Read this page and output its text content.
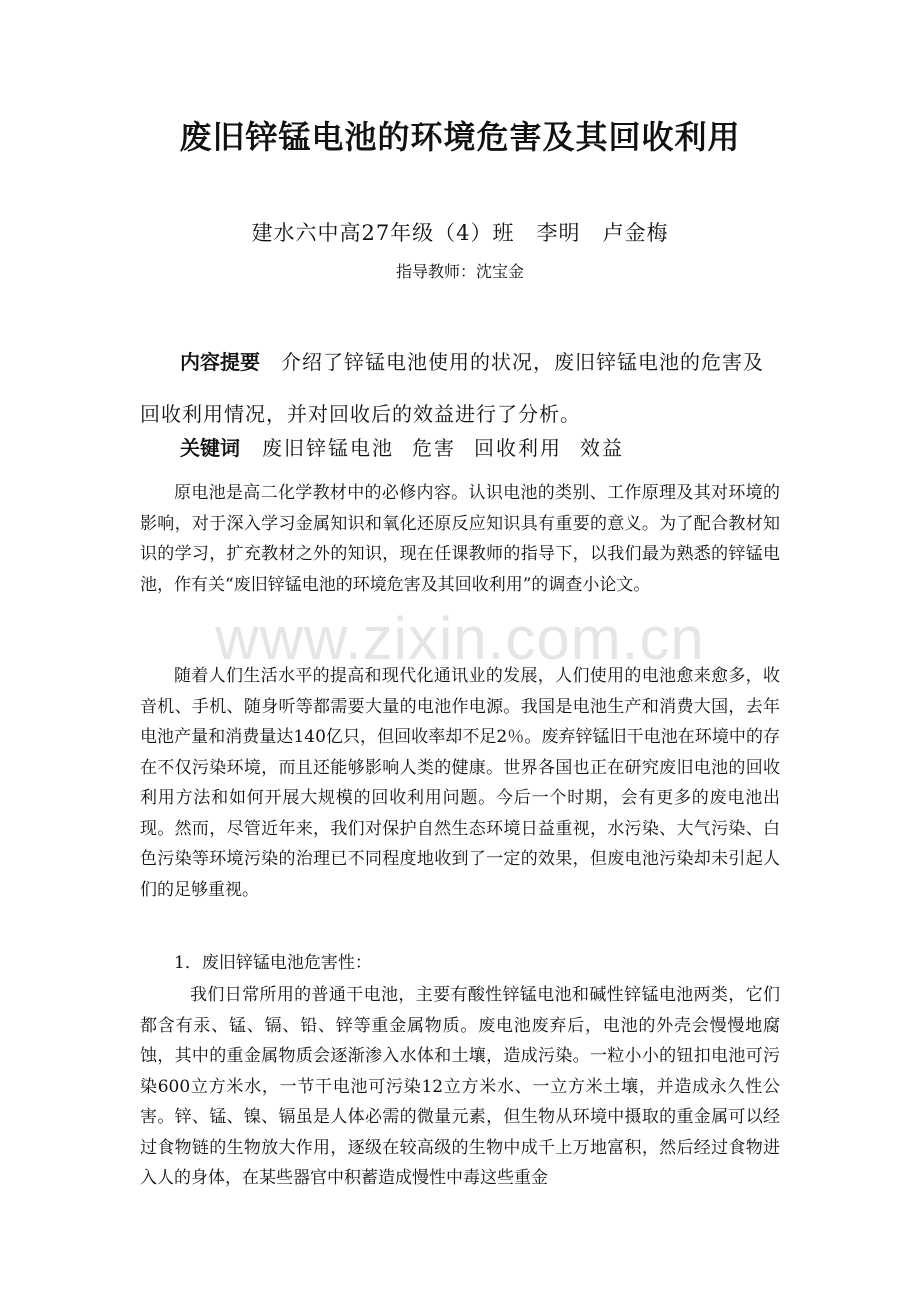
废旧锌锰电池的环境危害及其回收利用
建水六中高27年级（4）班　李明　卢金梅
指导教师：沈宝金

内容提要　 介绍了锌锰电池使用的状况，废旧锌锰电池的危害及回收利用情况，并对回收后的效益进行了分析。

关键词　 废旧锌锰电池 危害 回收利用 效益

原电池是高二化学教材中的必修内容。认识电池的类别、工作原理及其对环境的影响，对于深入学习金属知识和氧化还原反应知识具有重要的意义。为了配合教材知识的学习，扩充教材之外的知识，现在任课教师的指导下，以我们最为熟悉的锌锰电池，作有关“废旧锌锰电池的环境危害及其回收利用”的调查小论文。

随着人们生活水平的提高和现代化通讯业的发展，人们使用的电池愈来愈多，收音机、手机、随身听等都需要大量的电池作电源。我国是电池生产和消费大国，去年电池产量和消费量达140亿只，但回收率却不足2％。废弃锌锰旧干电池在环境中的存在不仅污染环境，而且还能够影响人类的健康。世界各国也正在研究废旧电池的回收利用方法和如何开展大规模的回收利用问题。今后一个时期，会有更多的废电池出现。然而，尽管近年来，我们对保护自然生态环境日益重视，水污染、大气污染、白色污染等环境污染的治理已不同程度地收到了一定的效果，但废电池污染却未引起人们的足够重视。

1．废旧锌锰电池危害性：

我们日常所用的普通干电池，主要有酸性锌锰电池和碱性锌锰电池两类，它们都含有汞、锰、镉、铅、锌等重金属物质。废电池废弃后，电池的外壳会慢慢地腐蚀，其中的重金属物质会逐渐渗入水体和土壤，造成污染。一粒小小的钮扣电池可污染600立方米水，一节干电池可污染12立方米水、一立方米土壤，并造成永久性公害。锌、锰、镍、镉虽是人体必需的微量元素，但生物从环境中摄取的重金属可以经过食物链的生物放大作用，逐级在较高级的生物中成千上万地富积，然后经过食物进入人的身体，在某些器官中积蓄造成慢性中毒这些重金

www.zixin.com.cn
